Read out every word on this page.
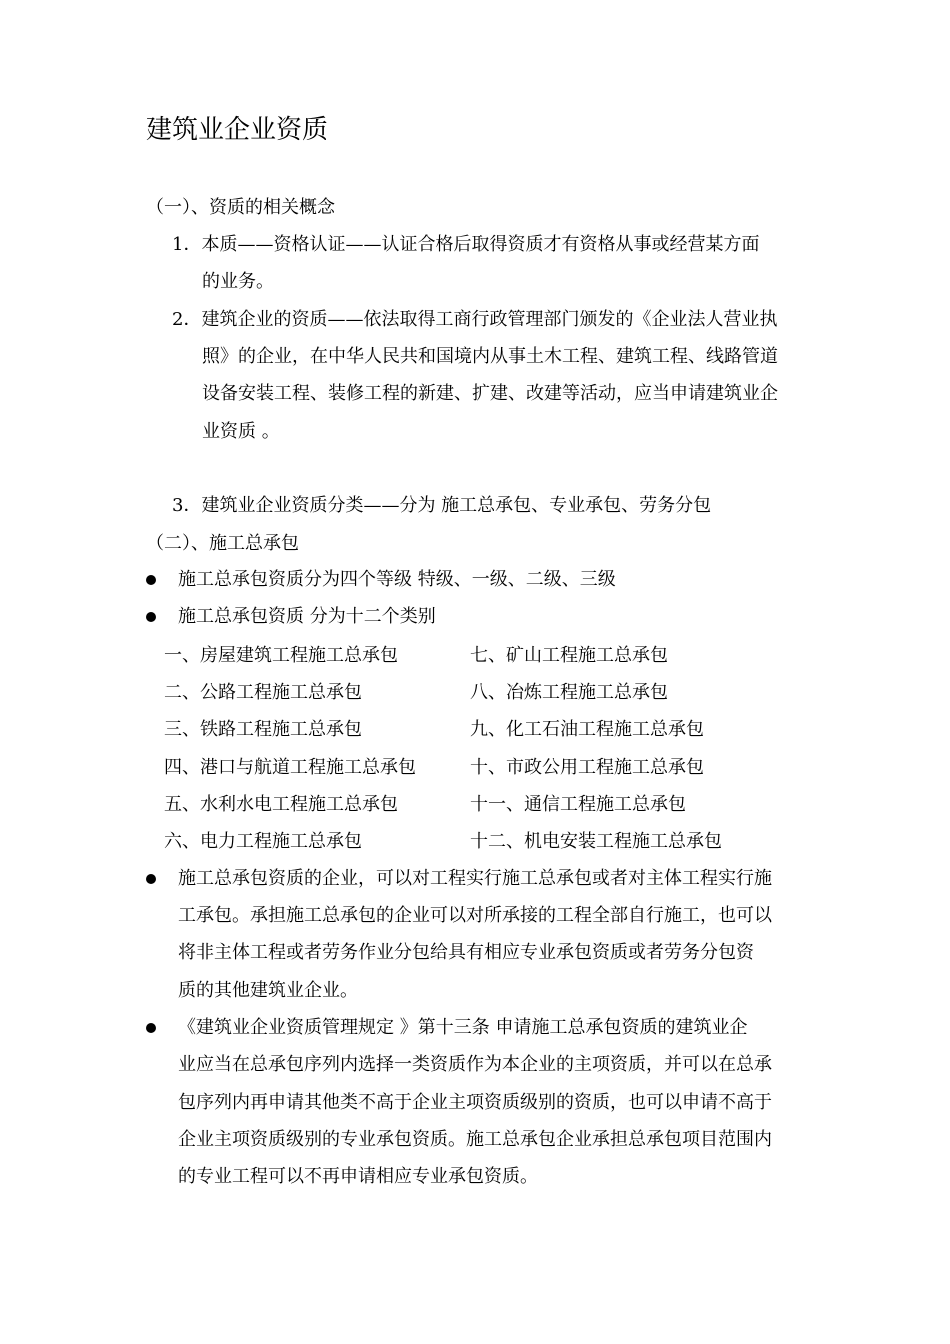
建筑业企业资质
（一）、资质的相关概念
1．本质——资格认证——认证合格后取得资质才有资格从事或经营某方面
的业务。
2．建筑企业的资质——依法取得工商行政管理部门颁发的《企业法人营业执
照》的企业，在中华人民共和国境内从事土木工程、建筑工程、线路管道
设备安装工程、装修工程的新建、扩建、改建等活动，应当申请建筑业企
业资质 。
3．建筑业企业资质分类——分为 施工总承包、专业承包、劳务分包
（二）、施工总承包
施工总承包资质分为四个等级 特级、一级、二级、三级
施工总承包资质 分为十二个类别
一、房屋建筑工程施工总承包
二、公路工程施工总承包
三、铁路工程施工总承包
四、港口与航道工程施工总承包
五、水利水电工程施工总承包
六、电力工程施工总承包
七、矿山工程施工总承包
八、冶炼工程施工总承包
九、化工石油工程施工总承包
十、市政公用工程施工总承包
十一、通信工程施工总承包
十二、机电安装工程施工总承包
施工总承包资质的企业，可以对工程实行施工总承包或者对主体工程实行施
工承包。承担施工总承包的企业可以对所承接的工程全部自行施工，也可以
将非主体工程或者劳务作业分包给具有相应专业承包资质或者劳务分包资
质的其他建筑业企业。
《建筑业企业资质管理规定 》第十三条 申请施工总承包资质的建筑业企
业应当在总承包序列内选择一类资质作为本企业的主项资质，并可以在总承
包序列内再申请其他类不高于企业主项资质级别的资质，也可以申请不高于
企业主项资质级别的专业承包资质。施工总承包企业承担总承包项目范围内
的专业工程可以不再申请相应专业承包资质。
